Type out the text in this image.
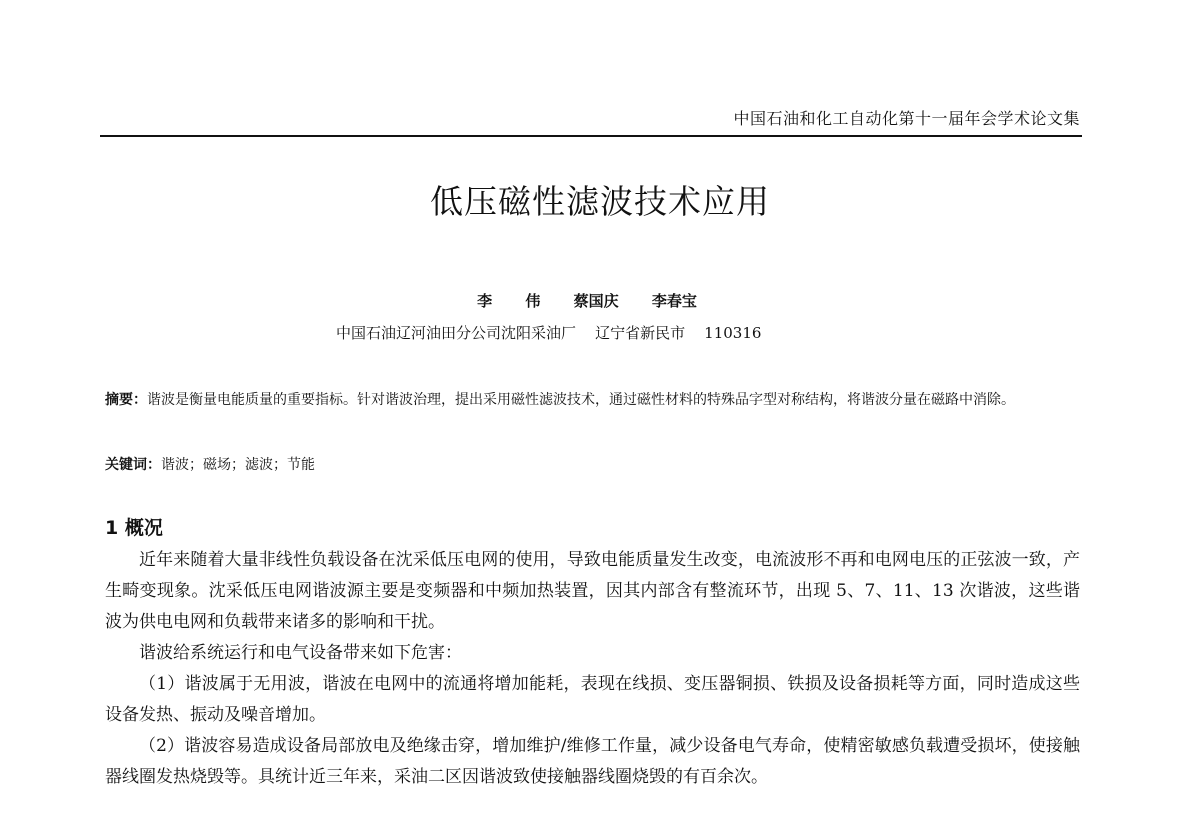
中国石油和化工自动化第十一届年会学术论文集
低压磁性滤波技术应用
李 伟 蔡国庆 李春宝
中国石油辽河油田分公司沈阳采油厂    辽宁省新民市    110316
摘要：谐波是衡量电能质量的重要指标。针对谐波治理，提出采用磁性滤波技术，通过磁性材料的特殊品字型对称结构，将谐波分量在磁路中消除。
关键词：谐波；磁场；滤波；节能
1 概况

近年来随着大量非线性负载设备在沈采低压电网的使用，导致电能质量发生改变，电流波形不再和电网电压的正弦波一致，产生畸变现象。沈采低压电网谐波源主要是变频器和中频加热装置，因其内部含有整流环节，出现 5、7、11、13 次谐波，这些谐波为供电电网和负载带来诸多的影响和干扰。

谐波给系统运行和电气设备带来如下危害：

（1）谐波属于无用波，谐波在电网中的流通将增加能耗，表现在线损、变压器铜损、铁损及设备损耗等方面，同时造成这些设备发热、振动及噪音增加。

（2）谐波容易造成设备局部放电及绝缘击穿，增加维护/维修工作量，减少设备电气寿命，使精密敏感负载遭受损坏，使接触器线圈发热烧毁等。具统计近三年来，采油二区因谐波致使接触器线圈烧毁的有百余次。
